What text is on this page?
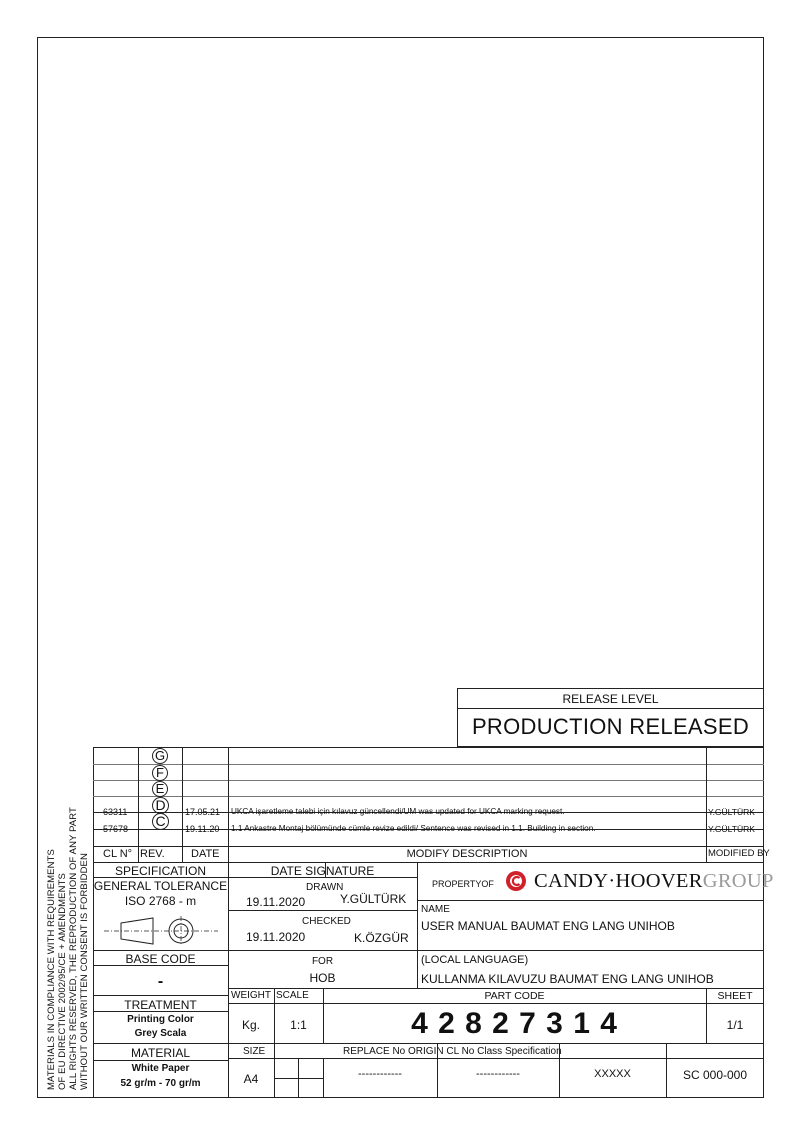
RELEASE LEVEL
PRODUCTION RELEASED
G
F
E
63311 D	17.05.21 UKCA işaretleme talebi için kılavuz güncellendi/UM was updated for UKCA marking request.	Y.GÜLTÜRK
57678 C	19.11.20 1.1 Ankastre Montaj bölümünde cümle revize edildi/ Sentence was revised in 1.1. Building in section.	Y.GÜLTÜRK
CL N° REV. DATE	MODIFY DESCRIPTION	MODIFIED BY
SPECIFICATION
GENERAL TOLERANCE
ISO 2768 - m
BASE CODE
-
TREATMENT
Printing Color
Grey Scala
MATERIAL
White Paper
52 gr/m - 70 gr/m
DATE SIGNATURE
DRAWN
19.11.2020	Y.GÜLTÜRK
CHECKED
19.11.2020	K.ÖZGÜR
FOR
HOB
PROPERTYOF CANDY·HOOVERGROUP
NAME
USER MANUAL BAUMAT ENG LANG UNIHOB
(LOCAL LANGUAGE)
KULLANMA KILAVUZU BAUMAT ENG LANG UNIHOB
WEIGHT SCALE	PART CODE	SHEET
Kg.	1:1	4 2 8 2 7 3 1 4	1/1
SIZE	REPLACE No ORIGIN CL No Class Specification
A4	------------	------------	XXXXX	SC 000-000
MATERIALS IN COMPLIANCE WITH REQUIREMENTS OF EU DIRECTIVE 2002/95/CE + AMENDMENTS ALL RIGHTS RESERVED, THE REPRODUCTION OF ANY PART WITHOUT OUR WRITTEN CONSENT IS FORBIDDEN
